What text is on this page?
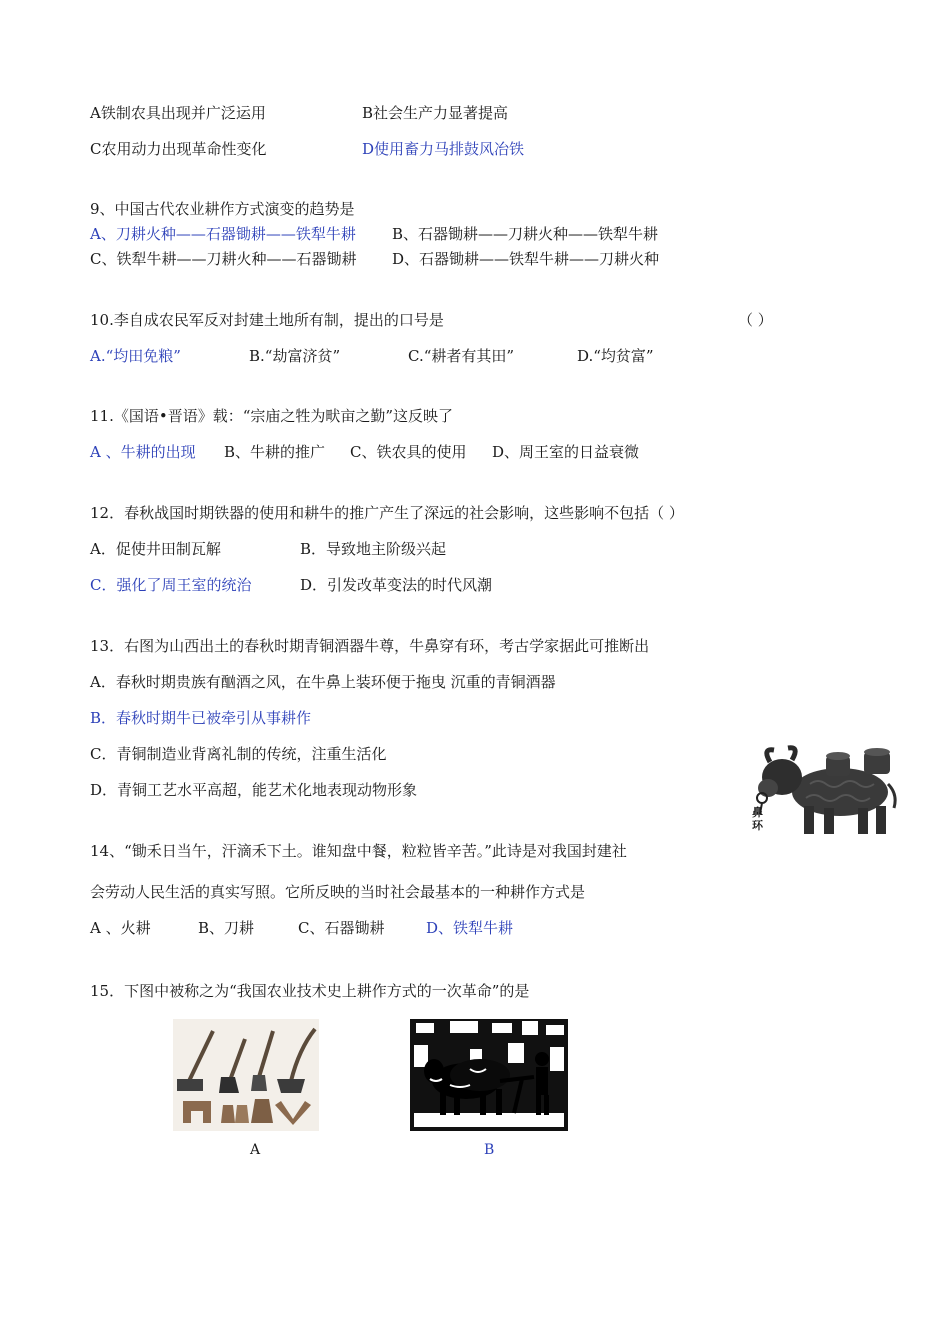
A铁制农具出现并广泛运用	B社会生产力显著提高
C农用动力出现革命性变化	D使用畜力马排鼓风冶铁
9、中国古代农业耕作方式演变的趋势是
A、刀耕火种——石器锄耕——铁犁牛耕 B、石器锄耕——刀耕火种——铁犁牛耕
C、铁犁牛耕——刀耕火种——石器锄耕 D、石器锄耕——铁犁牛耕——刀耕火种
10.李自成农民军反对封建土地所有制，提出的口号是	（ ）
A.“均田免粮”	B.“劫富济贫”	C.“耕者有其田”	D.“均贫富”
11.《国语•晋语》载：“宗庙之牲为畎亩之勤”这反映了
A 、牛耕的出现 B、牛耕的推广 C、铁农具的使用 D、周王室的日益衰微
12．春秋战国时期铁器的使用和耕牛的推广产生了深远的社会影响，这些影响不包括（ ）
A．促使井田制瓦解	B．导致地主阶级兴起
C．强化了周王室的统治	D．引发改革变法的时代风潮
13．右图为山西出土的春秋时期青铜酒器牛尊，牛鼻穿有环，考古学家据此可推断出
A．春秋时期贵族有酗酒之风，在牛鼻上装环便于拖曳 沉重的青铜酒器
B．春秋时期牛已被牵引从事耕作
C．青铜制造业背离礼制的传统，注重生活化
D．青铜工艺水平高超，能艺术化地表现动物形象
鼻环
14、“锄禾日当午，汗滴禾下土。谁知盘中餐，粒粒皆辛苦。”此诗是对我国封建社
会劳动人民生活的真实写照。它所反映的当时社会最基本的一种耕作方式是
A 、火耕	B、刀耕	C、石器锄耕	D、铁犁牛耕
15．下图中被称之为“我国农业技术史上耕作方式的一次革命”的是
A	B
